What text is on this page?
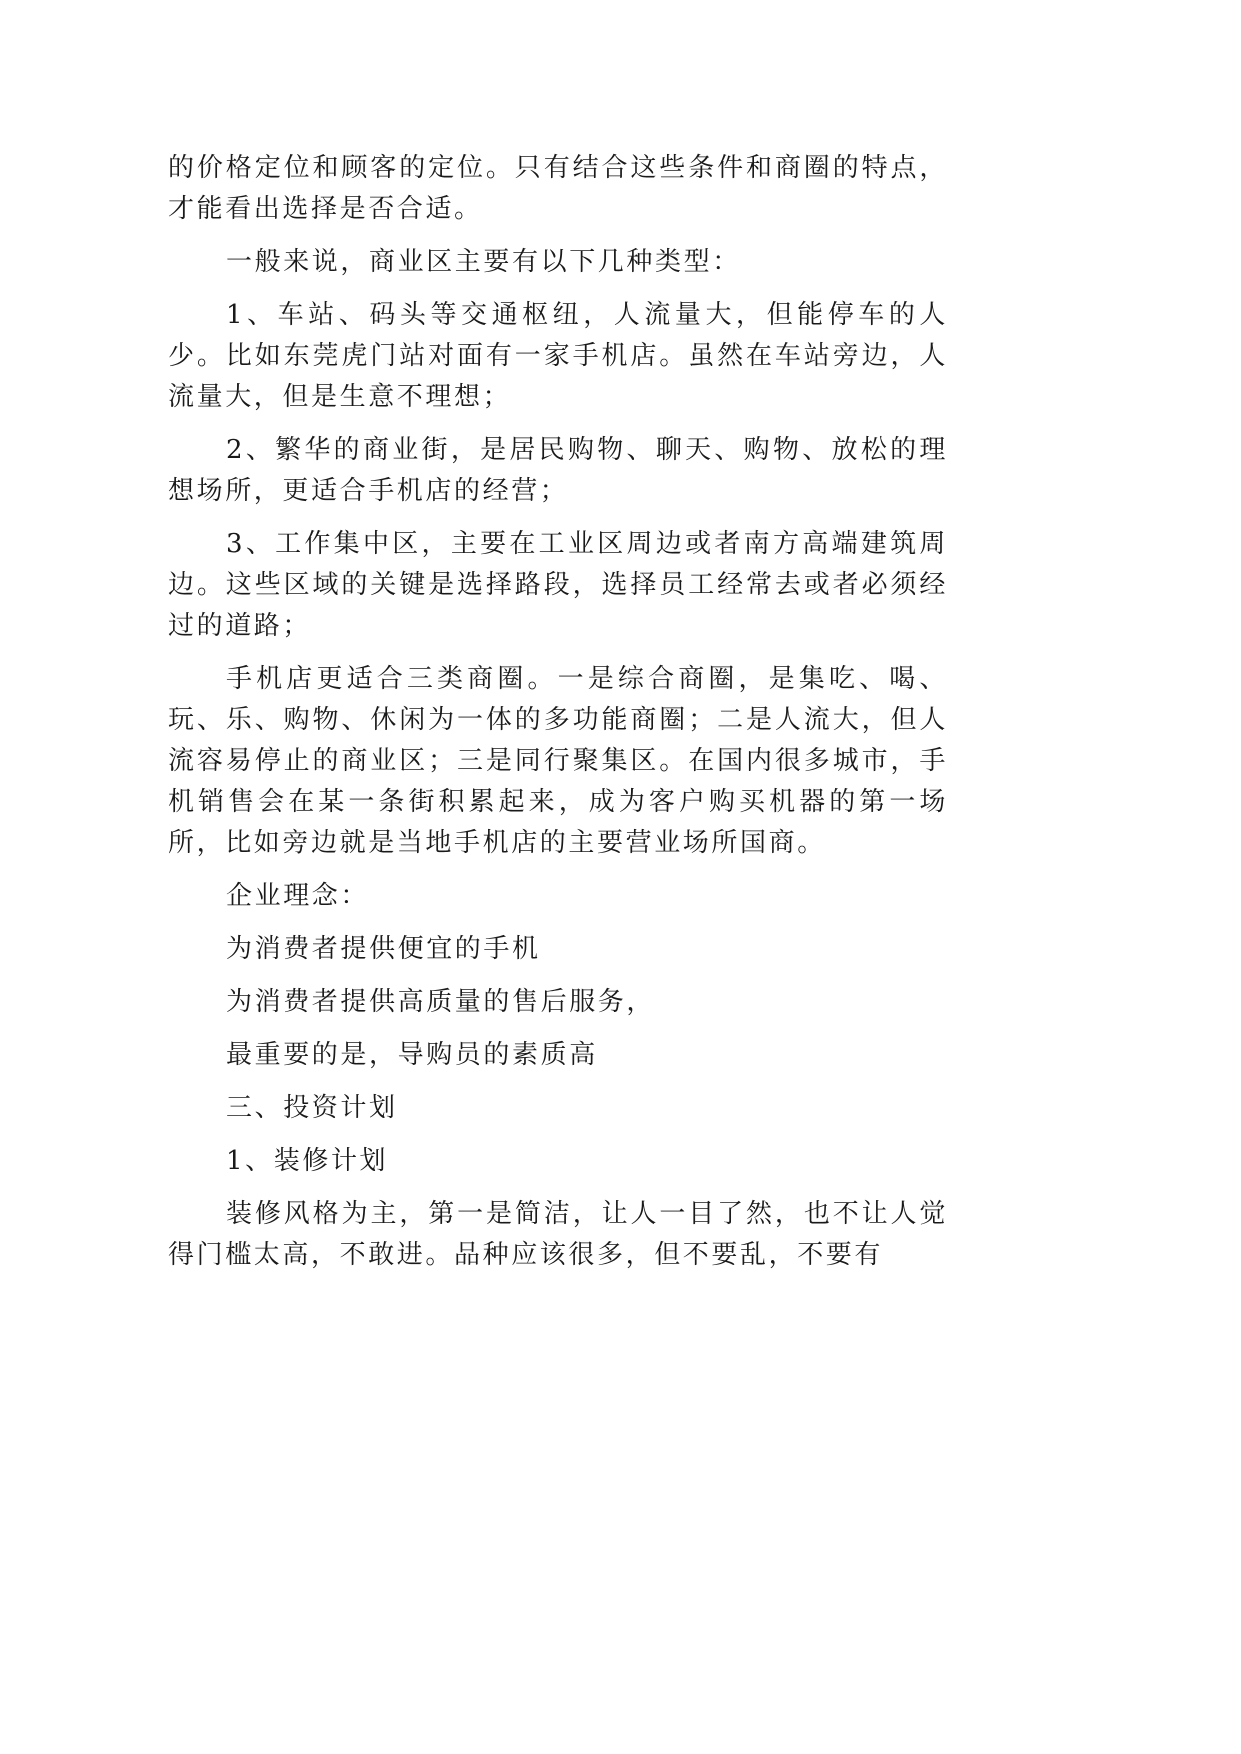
的价格定位和顾客的定位。只有结合这些条件和商圈的特点，才能看出选择是否合适。

一般来说，商业区主要有以下几种类型：

1、车站、码头等交通枢纽，人流量大，但能停车的人少。比如东莞虎门站对面有一家手机店。虽然在车站旁边，人流量大，但是生意不理想；

2、繁华的商业街，是居民购物、聊天、购物、放松的理想场所，更适合手机店的经营；

3、工作集中区，主要在工业区周边或者南方高端建筑周边。这些区域的关键是选择路段，选择员工经常去或者必须经过的道路；

手机店更适合三类商圈。一是综合商圈，是集吃、喝、玩、乐、购物、休闲为一体的多功能商圈；二是人流大，但人流容易停止的商业区；三是同行聚集区。在国内很多城市，手机销售会在某一条街积累起来，成为客户购买机器的第一场所，比如旁边就是当地手机店的主要营业场所国商。

企业理念：

为消费者提供便宜的手机

为消费者提供高质量的售后服务，

最重要的是，导购员的素质高

三、投资计划

1、装修计划

装修风格为主，第一是简洁，让人一目了然，也不让人觉得门槛太高，不敢进。品种应该很多，但不要乱，不要有
